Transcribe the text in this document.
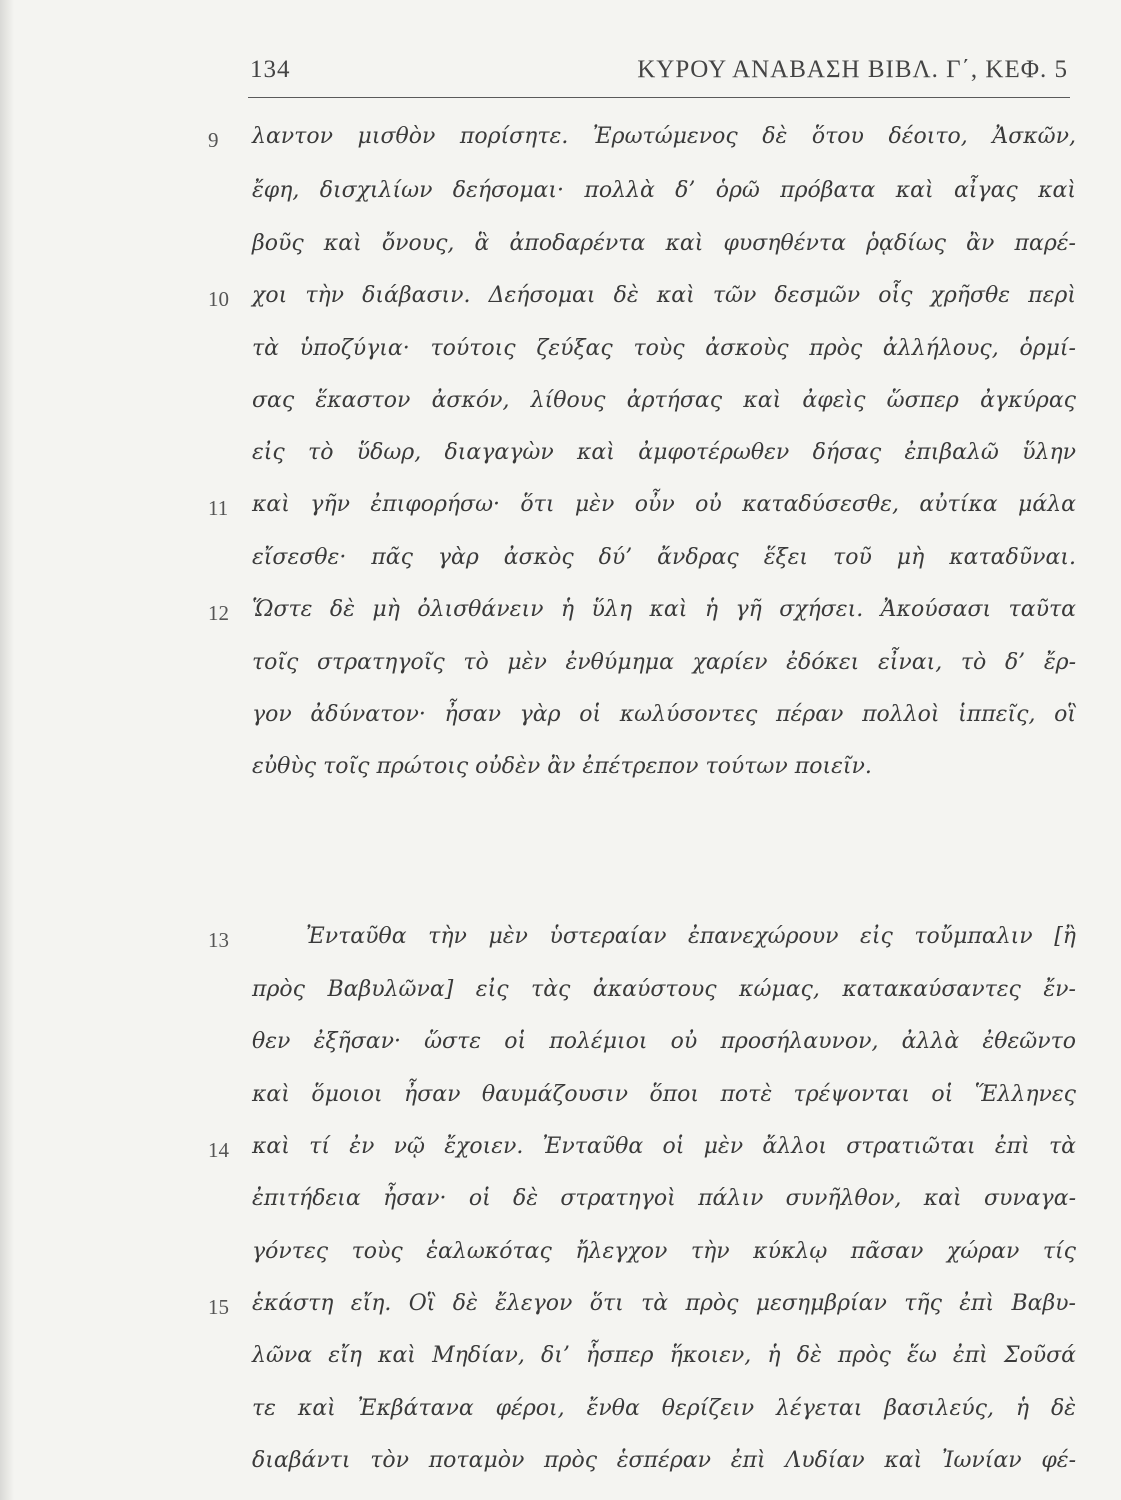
134	ΚΥΡΟΥ ΑΝΑΒΑΣΗ ΒΙΒΛ. Γ΄, ΚΕΦ. 5
9	λαντον μισθὸν πορίσητε. Ἐρωτώμενος δὲ ὅτου δέοιτο, Ἀσκῶν,
ἔφη, δισχιλίων δεήσομαι· πολλὰ δ’ ὁρῶ πρόβατα καὶ αἶγας καὶ
βοῦς καὶ ὄνους, ἃ ἀποδαρέντα καὶ φυσηθέντα ῥᾳδίως ἂν παρέ-
10	χοι τὴν διάβασιν. Δεήσομαι δὲ καὶ τῶν δεσμῶν οἷς χρῆσθε περὶ
τὰ ὑποζύγια· τούτοις ζεύξας τοὺς ἀσκοὺς πρὸς ἀλλήλους, ὁρμί-
σας ἕκαστον ἀσκόν, λίθους ἀρτήσας καὶ ἀφεὶς ὥσπερ ἀγκύρας
εἰς τὸ ὕδωρ, διαγαγὼν καὶ ἀμφοτέρωθεν δήσας ἐπιβαλῶ ὕλην
11	καὶ γῆν ἐπιφορήσω· ὅτι μὲν οὖν οὐ καταδύσεσθε, αὐτίκα μάλα
εἴσεσθε· πᾶς γὰρ ἀσκὸς δύ’ ἄνδρας ἕξει τοῦ μὴ καταδῦναι.
12	Ὥστε δὲ μὴ ὀλισθάνειν ἡ ὕλη καὶ ἡ γῆ σχήσει. Ἀκούσασι ταῦτα
τοῖς στρατηγοῖς τὸ μὲν ἐνθύμημα χαρίεν ἐδόκει εἶναι, τὸ δ’ ἔρ-
γον ἀδύνατον· ἦσαν γὰρ οἱ κωλύσοντες πέραν πολλοὶ ἱππεῖς, οἳ
εὐθὺς τοῖς πρώτοις οὐδὲν ἂν ἐπέτρεπον τούτων ποιεῖν.
13	Ἐνταῦθα τὴν μὲν ὑστεραίαν ἐπανεχώρουν εἰς τοὔμπαλιν [ἢ
πρὸς Βαβυλῶνα] εἰς τὰς ἀκαύστους κώμας, κατακαύσαντες ἔν-
θεν ἐξῆσαν· ὥστε οἱ πολέμιοι οὐ προσήλαυνον, ἀλλὰ ἐθεῶντο
καὶ ὅμοιοι ἦσαν θαυμάζουσιν ὅποι ποτὲ τρέψονται οἱ Ἕλληνες
14	καὶ τί ἐν νῷ ἔχοιεν. Ἐνταῦθα οἱ μὲν ἄλλοι στρατιῶται ἐπὶ τὰ
ἐπιτήδεια ἦσαν· οἱ δὲ στρατηγοὶ πάλιν συνῆλθον, καὶ συναγα-
γόντες τοὺς ἑαλωκότας ἤλεγχον τὴν κύκλῳ πᾶσαν χώραν τίς
15	ἑκάστη εἴη. Οἳ δὲ ἔλεγον ὅτι τὰ πρὸς μεσημβρίαν τῆς ἐπὶ Βαβυ-
λῶνα εἴη καὶ Μηδίαν, δι’ ἧσπερ ἥκοιεν, ἡ δὲ πρὸς ἕω ἐπὶ Σοῦσά
τε καὶ Ἐκβάτανα φέροι, ἔνθα θερίζειν λέγεται βασιλεύς, ἡ δὲ
διαβάντι τὸν ποταμὸν πρὸς ἑσπέραν ἐπὶ Λυδίαν καὶ Ἰωνίαν φέ-
